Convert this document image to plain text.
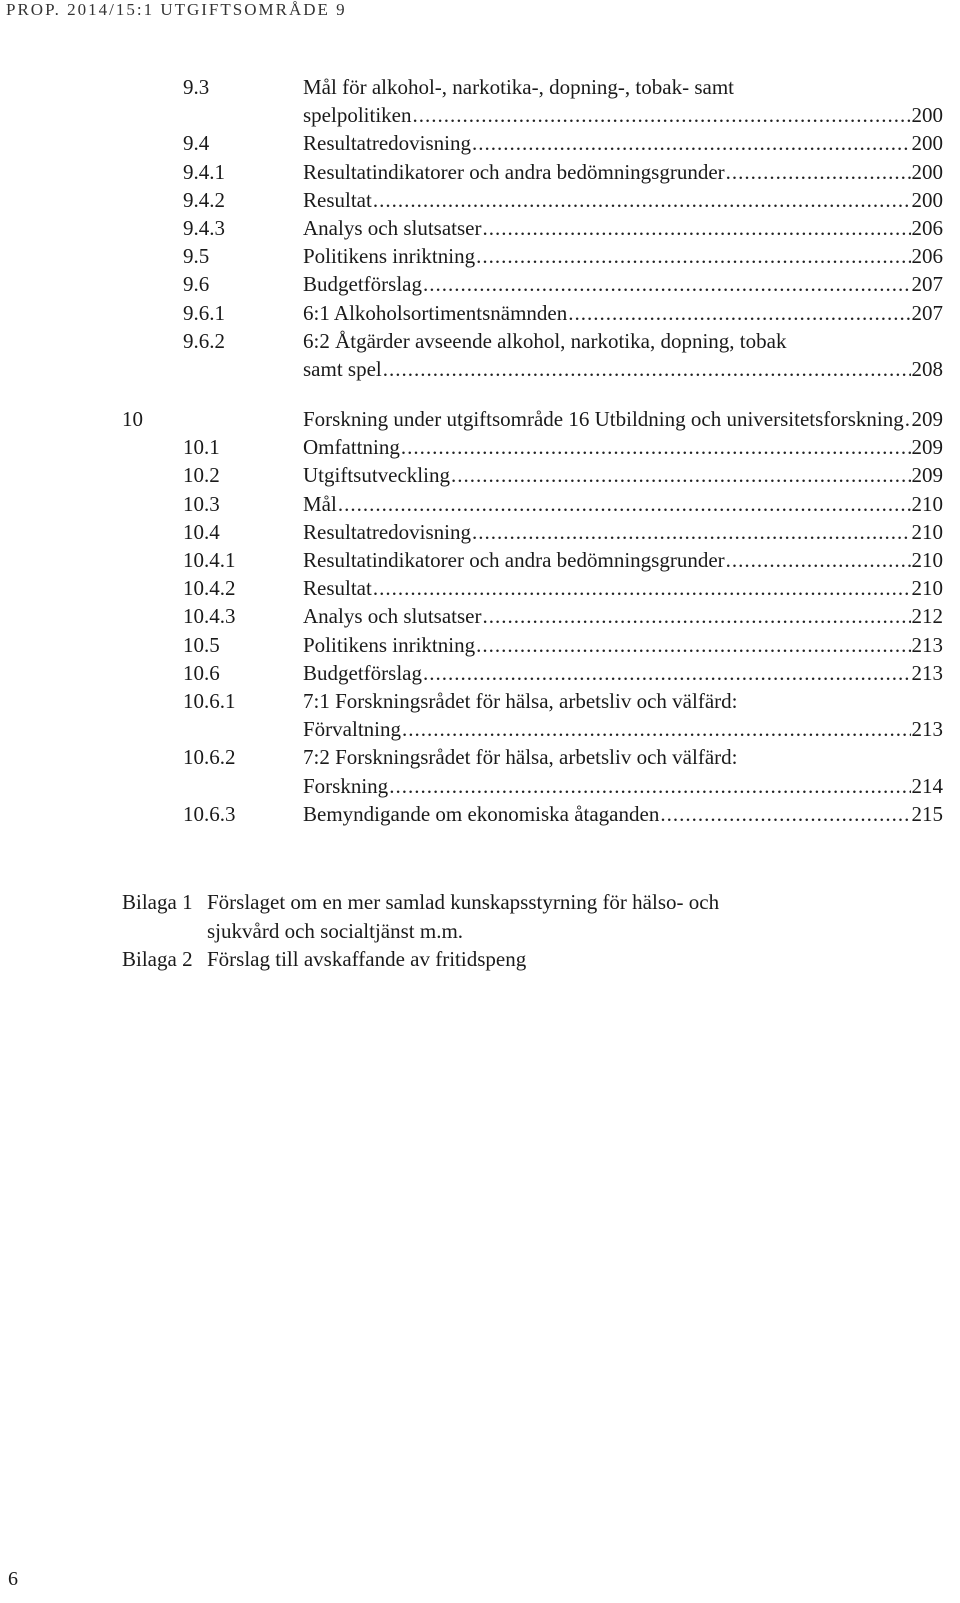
PROP. 2014/15:1 UTGIFTSOMRÅDE 9
9.3	Mål för alkohol-, narkotika-, dopning-, tobak- samt
spelpolitiken .....	200
9.4	Resultatredovisning .....	200
9.4.1	Resultatindikatorer och andra bedömningsgrunder .....	200
9.4.2	Resultat .....	200
9.4.3	Analys och slutsatser .....	206
9.5	Politikens inriktning .....	206
9.6	Budgetförslag .....	207
9.6.1	6:1 Alkoholsortimentsnämnden .....	207
9.6.2	6:2 Åtgärder avseende alkohol, narkotika, dopning, tobak
samt spel .....	208
10	Forskning under utgiftsområde 16 Utbildning och universitetsforskning ..... 209
10.1	Omfattning .....	209
10.2	Utgiftsutveckling .....	209
10.3	Mål .....	210
10.4	Resultatredovisning .....	210
10.4.1	Resultatindikatorer och andra bedömningsgrunder .....	210
10.4.2	Resultat .....	210
10.4.3	Analys och slutsatser .....	212
10.5	Politikens inriktning .....	213
10.6	Budgetförslag .....	213
10.6.1	7:1 Forskningsrådet för hälsa, arbetsliv och välfärd:
Förvaltning .....	213
10.6.2	7:2 Forskningsrådet för hälsa, arbetsliv och välfärd:
Forskning .....	214
10.6.3	Bemyndigande om ekonomiska åtaganden .....	215
Bilaga 1 Förslaget om en mer samlad kunskapsstyrning för hälso- och
sjukvård och socialtjänst m.m.
Bilaga 2 Förslag till avskaffande av fritidspeng
6
